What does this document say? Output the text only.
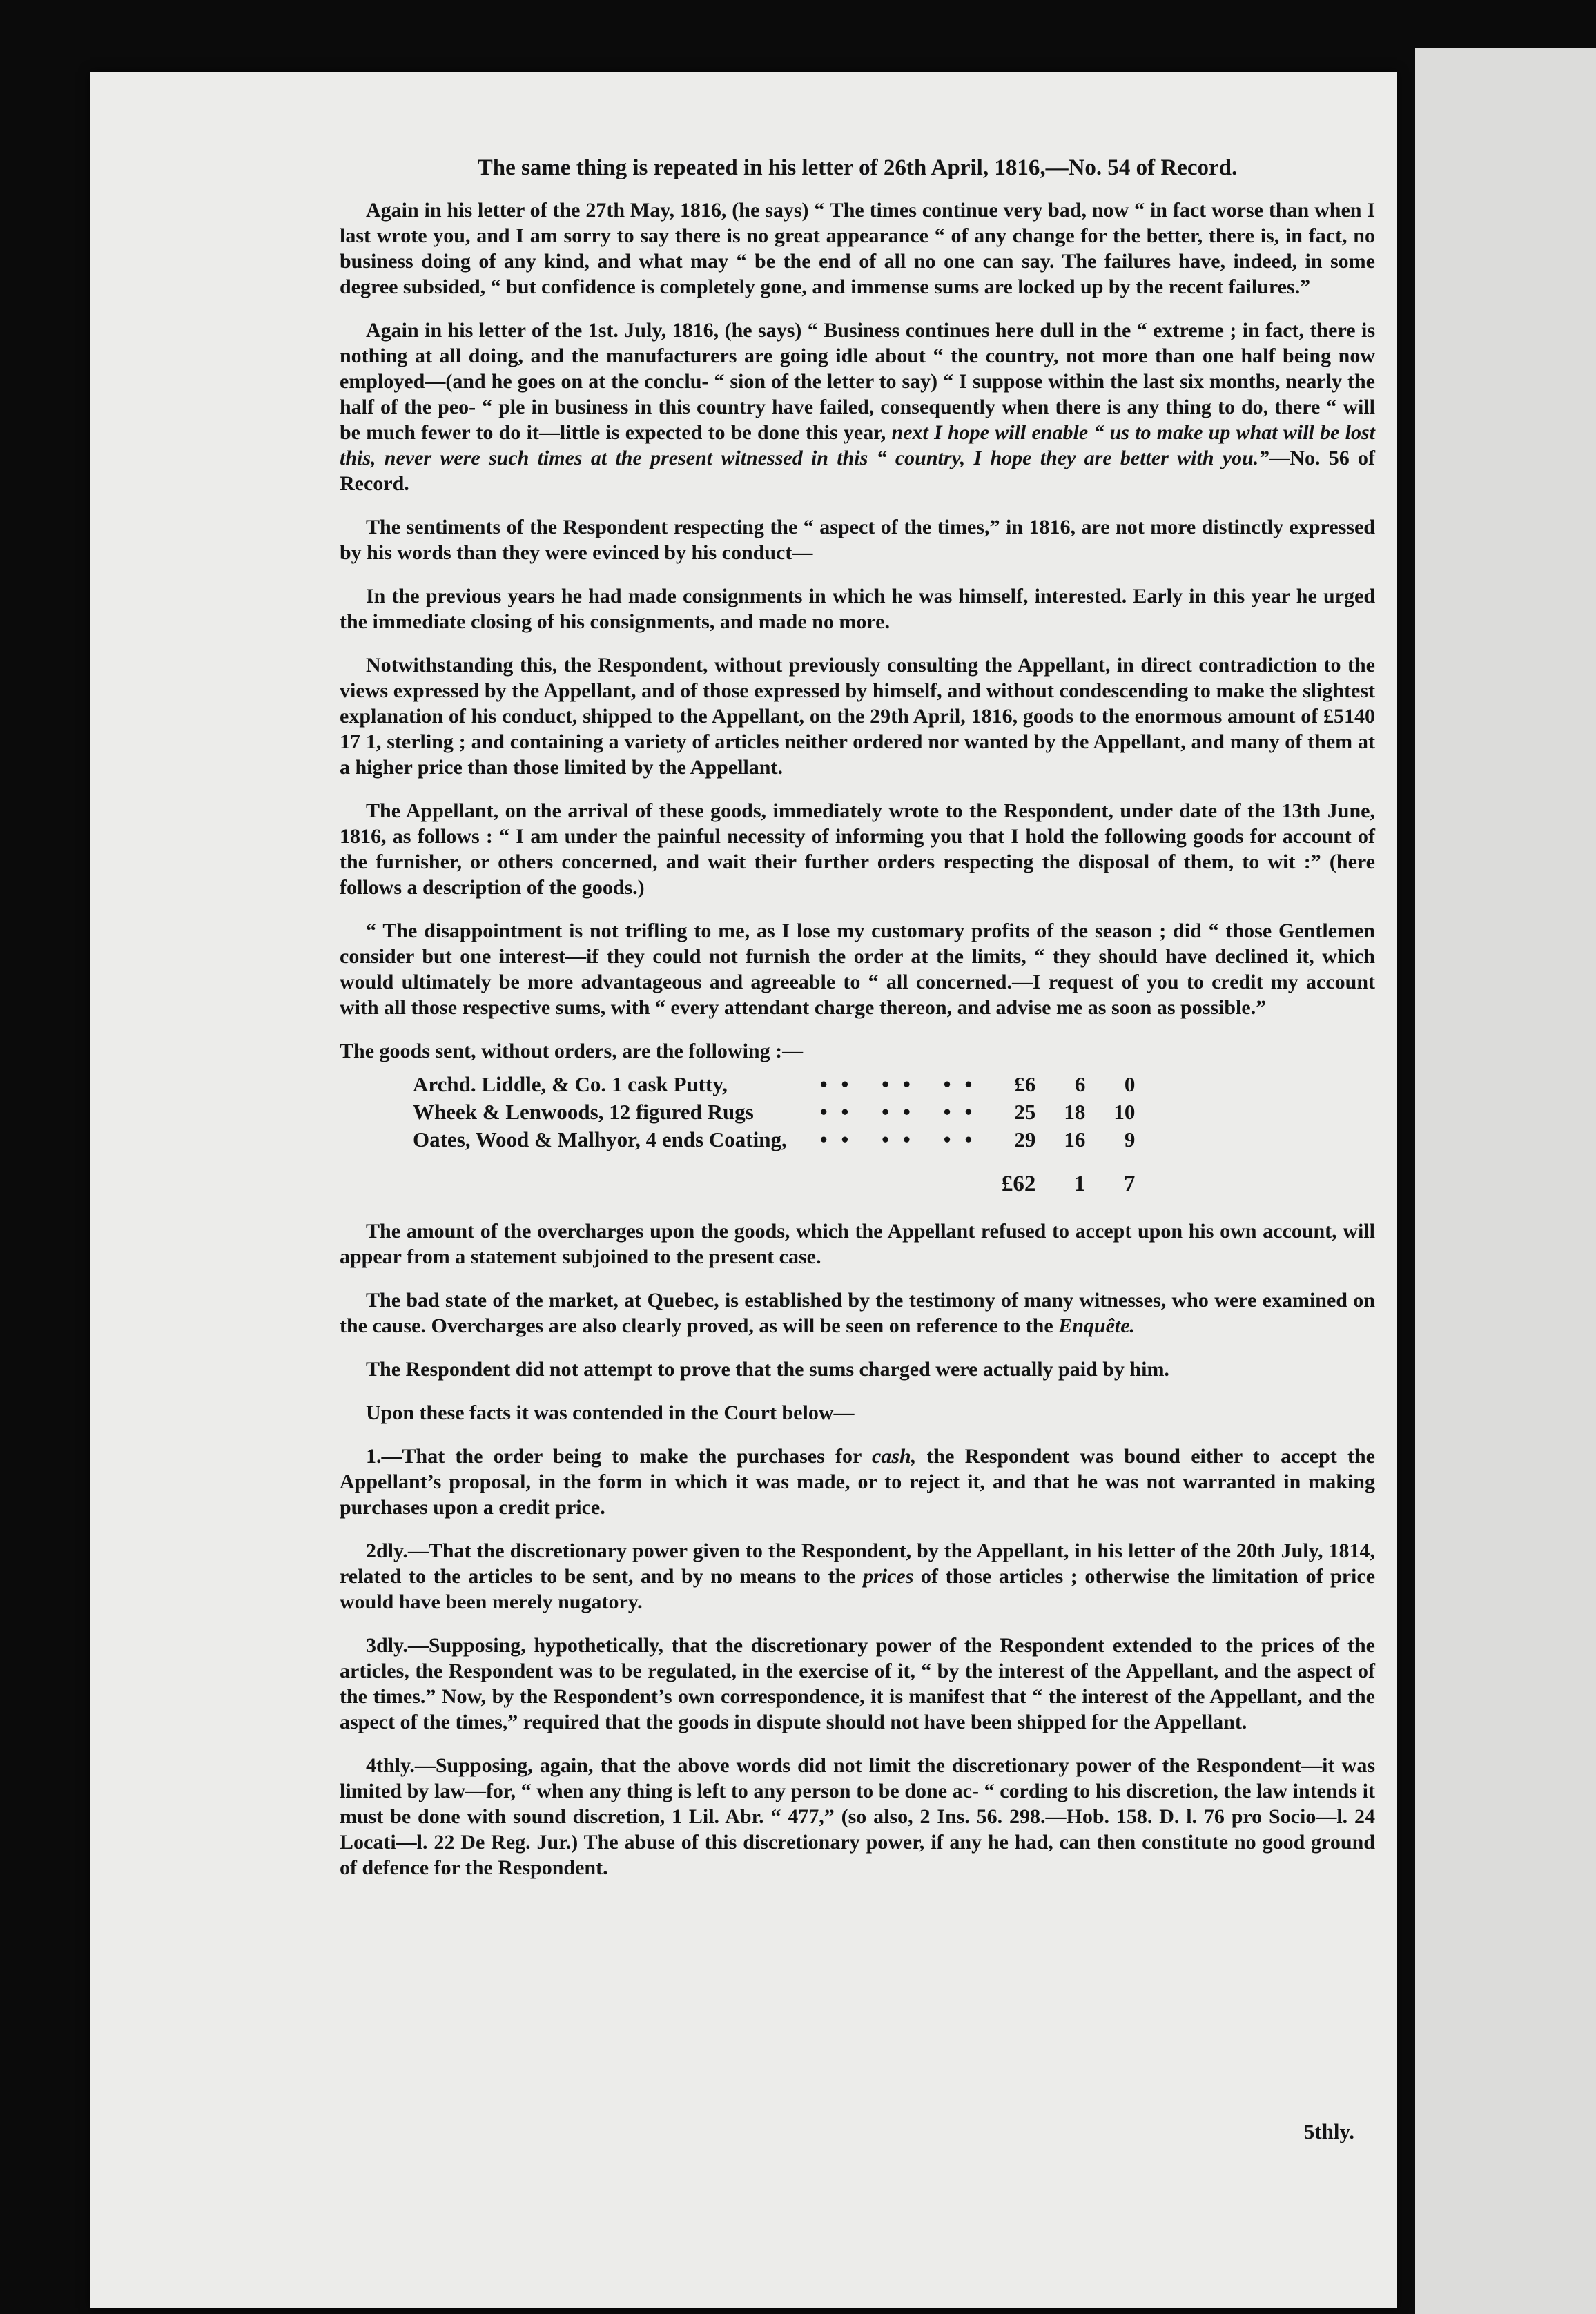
The same thing is repeated in his letter of 26th April, 1816,—No. 54 of Record.

Again in his letter of the 27th May, 1816, (he says) “ The times continue very bad, now “ in fact worse than when I last wrote you, and I am sorry to say there is no great appearance “ of any change for the better, there is, in fact, no business doing of any kind, and what may “ be the end of all no one can say. The failures have, indeed, in some degree subsided, “ but confidence is completely gone, and immense sums are locked up by the recent failures.”

Again in his letter of the 1st. July, 1816, (he says) “ Business continues here dull in the “ extreme ; in fact, there is nothing at all doing, and the manufacturers are going idle about “ the country, not more than one half being now employed—(and he goes on at the conclu- “ sion of the letter to say) “ I suppose within the last six months, nearly the half of the peo- “ ple in business in this country have failed, consequently when there is any thing to do, there “ will be much fewer to do it—little is expected to be done this year, next I hope will enable “ us to make up what will be lost this, never were such times at the present witnessed in this “ country, I hope they are better with you.”—No. 56 of Record.

The sentiments of the Respondent respecting the “ aspect of the times,” in 1816, are not more distinctly expressed by his words than they were evinced by his conduct—

In the previous years he had made consignments in which he was himself, interested. Early in this year he urged the immediate closing of his consignments, and made no more.

Notwithstanding this, the Respondent, without previously consulting the Appellant, in direct contradiction to the views expressed by the Appellant, and of those expressed by himself, and without condescending to make the slightest explanation of his conduct, shipped to the Appellant, on the 29th April, 1816, goods to the enormous amount of £5140 17 1, sterling ; and containing a variety of articles neither ordered nor wanted by the Appellant, and many of them at a higher price than those limited by the Appellant.

The Appellant, on the arrival of these goods, immediately wrote to the Respondent, under date of the 13th June, 1816, as follows : “ I am under the painful necessity of informing you that I hold the following goods for account of the furnisher, or others concerned, and wait their further orders respecting the disposal of them, to wit :” (here follows a description of the goods.)

“ The disappointment is not trifling to me, as I lose my customary profits of the season ; did “ those Gentlemen consider but one interest—if they could not furnish the order at the limits, “ they should have declined it, which would ultimately be more advantageous and agreeable to “ all concerned.—I request of you to credit my account with all those respective sums, with “ every attendant charge thereon, and advise me as soon as possible.”

The goods sent, without orders, are the following :—

Archd. Liddle, & Co. 1 cask Putty,	•• •• ••	£6	6	0
Wheek & Lenwoods, 12 figured Rugs	•• •• ••	25	18	10
Oates, Wood & Malhyor, 4 ends Coating,	•• •• ••	29	16	9
		£62	1	7

The amount of the overcharges upon the goods, which the Appellant refused to accept upon his own account, will appear from a statement subjoined to the present case.

The bad state of the market, at Quebec, is established by the testimony of many witnesses, who were examined on the cause. Overcharges are also clearly proved, as will be seen on reference to the Enquête.

The Respondent did not attempt to prove that the sums charged were actually paid by him.

Upon these facts it was contended in the Court below—

1.—That the order being to make the purchases for cash, the Respondent was bound either to accept the Appellant’s proposal, in the form in which it was made, or to reject it, and that he was not warranted in making purchases upon a credit price.

2dly.—That the discretionary power given to the Respondent, by the Appellant, in his letter of the 20th July, 1814, related to the articles to be sent, and by no means to the prices of those articles ; otherwise the limitation of price would have been merely nugatory.

3dly.—Supposing, hypothetically, that the discretionary power of the Respondent extended to the prices of the articles, the Respondent was to be regulated, in the exercise of it, “ by the interest of the Appellant, and the aspect of the times.” Now, by the Respondent’s own correspondence, it is manifest that “ the interest of the Appellant, and the aspect of the times,” required that the goods in dispute should not have been shipped for the Appellant.

4thly.—Supposing, again, that the above words did not limit the discretionary power of the Respondent—it was limited by law—for, “ when any thing is left to any person to be done ac- “ cording to his discretion, the law intends it must be done with sound discretion, 1 Lil. Abr. “ 477,” (so also, 2 Ins. 56. 298.—Hob. 158. D. l. 76 pro Socio—l. 24 Locati—l. 22 De Reg. Jur.) The abuse of this discretionary power, if any he had, can then constitute no good ground of defence for the Respondent.

5thly.
